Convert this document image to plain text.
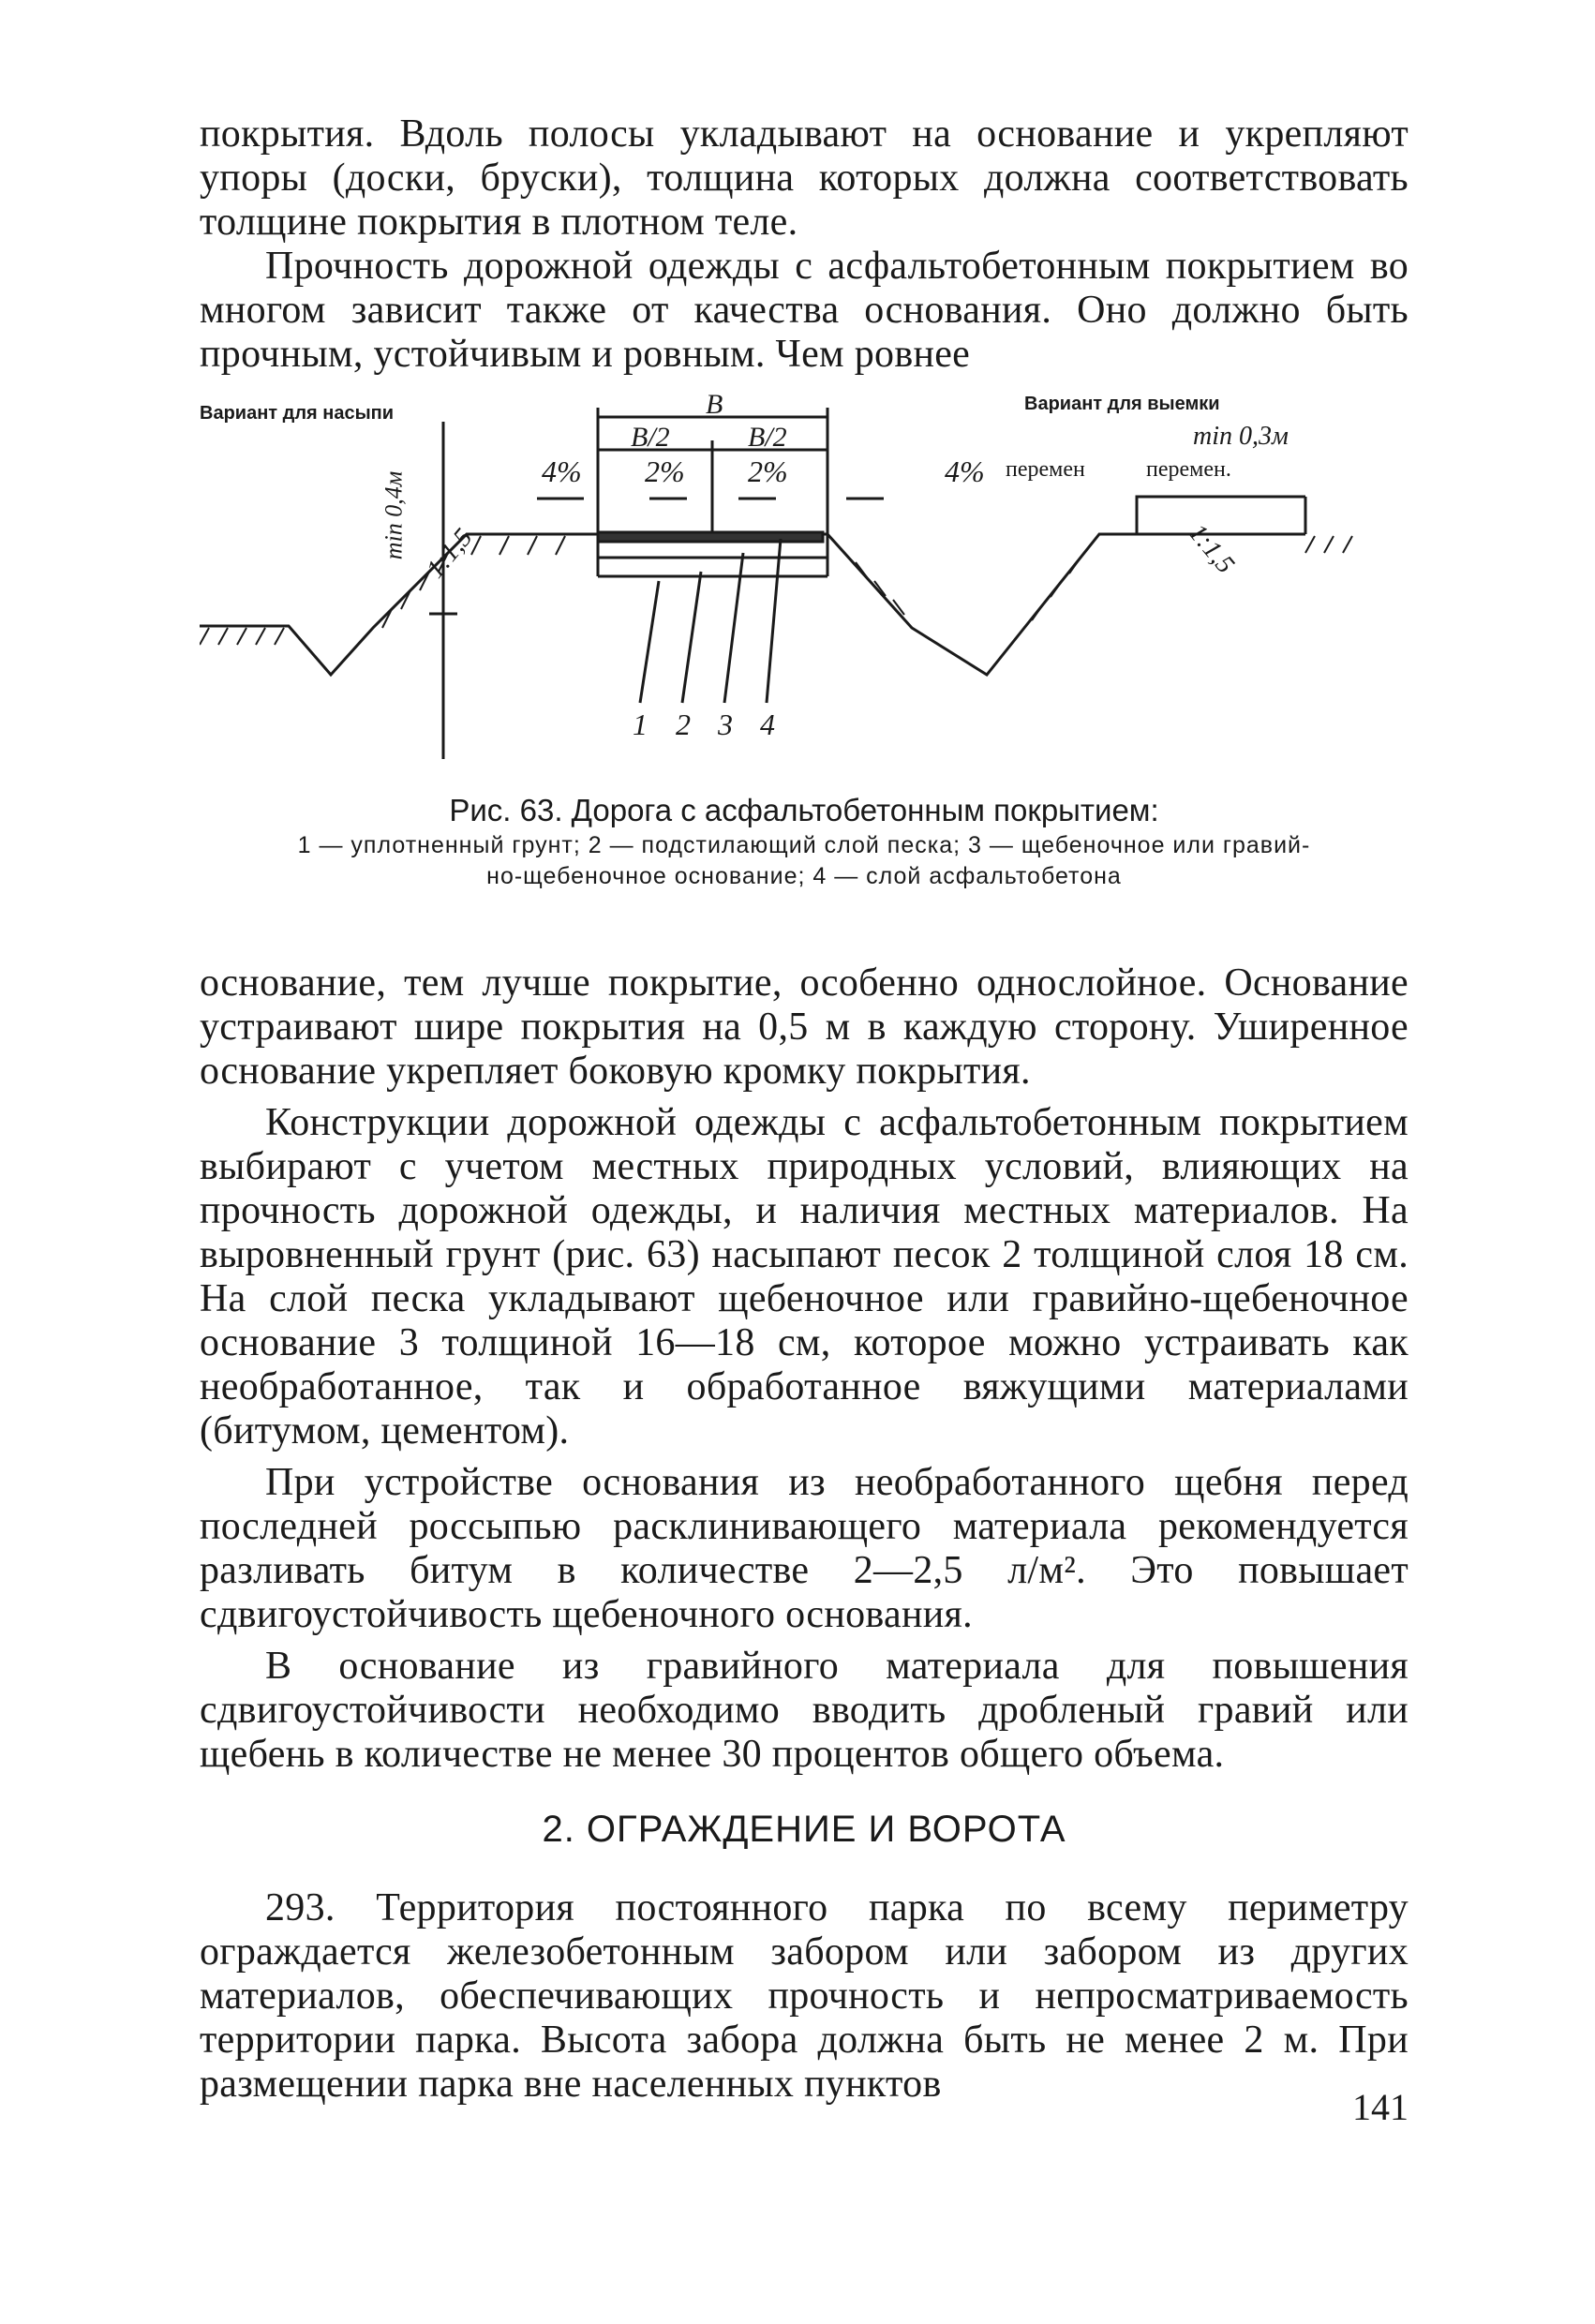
покрытия. Вдоль полосы укладывают на основание и укрепляют упоры (доски, бруски), толщина которых должна соответствовать толщине покрытия в плотном теле.

Прочность дорожной одежды с асфальтобетонным покрытием во многом зависит также от качества основания. Оно должно быть прочным, устойчивым и ровным. Чем ровнее

Вариант для насыпи	Вариант для выемки
B
B/2	B/2
4%	4%
2% 2%
min 0,4м
min 0,3м
1:1,5	1:1,5
перемен	перемен.
1 2 3 4
Рис. 63. Дорога с асфальтобетонным покрытием:
1 — уплотненный грунт; 2 — подстилающий слой песка; 3 — щебеночное или гравий-
но-щебеночное основание; 4 — слой асфальтобетона

основание, тем лучше покрытие, особенно однослойное. Основание устраивают шире покрытия на 0,5 м в каждую сторону. Уширенное основание укрепляет боковую кромку покрытия.

Конструкции дорожной одежды с асфальтобетонным покрытием выбирают с учетом местных природных условий, влияющих на прочность дорожной одежды, и наличия местных материалов. На выровненный грунт (рис. 63) насыпают песок 2 толщиной слоя 18 см. На слой песка укладывают щебеночное или гравийно-щебеночное основание 3 толщиной 16—18 см, которое можно устраивать как необработанное, так и обработанное вяжущими материалами (битумом, цементом).

При устройстве основания из необработанного щебня перед последней россыпью расклинивающего материала рекомендуется разливать битум в количестве 2—2,5 л/м². Это повышает сдвигоустойчивость щебеночного основания.

В основание из гравийного материала для повышения сдвигоустойчивости необходимо вводить дробленый гравий или щебень в количестве не менее 30 процентов общего объема.

2. ОГРАЖДЕНИЕ И ВОРОТА

293. Территория постоянного парка по всему периметру ограждается железобетонным забором или забором из других материалов, обеспечивающих прочность и непросматриваемость территории парка. Высота забора должна быть не менее 2 м. При размещении парка вне населенных пунктов

141
